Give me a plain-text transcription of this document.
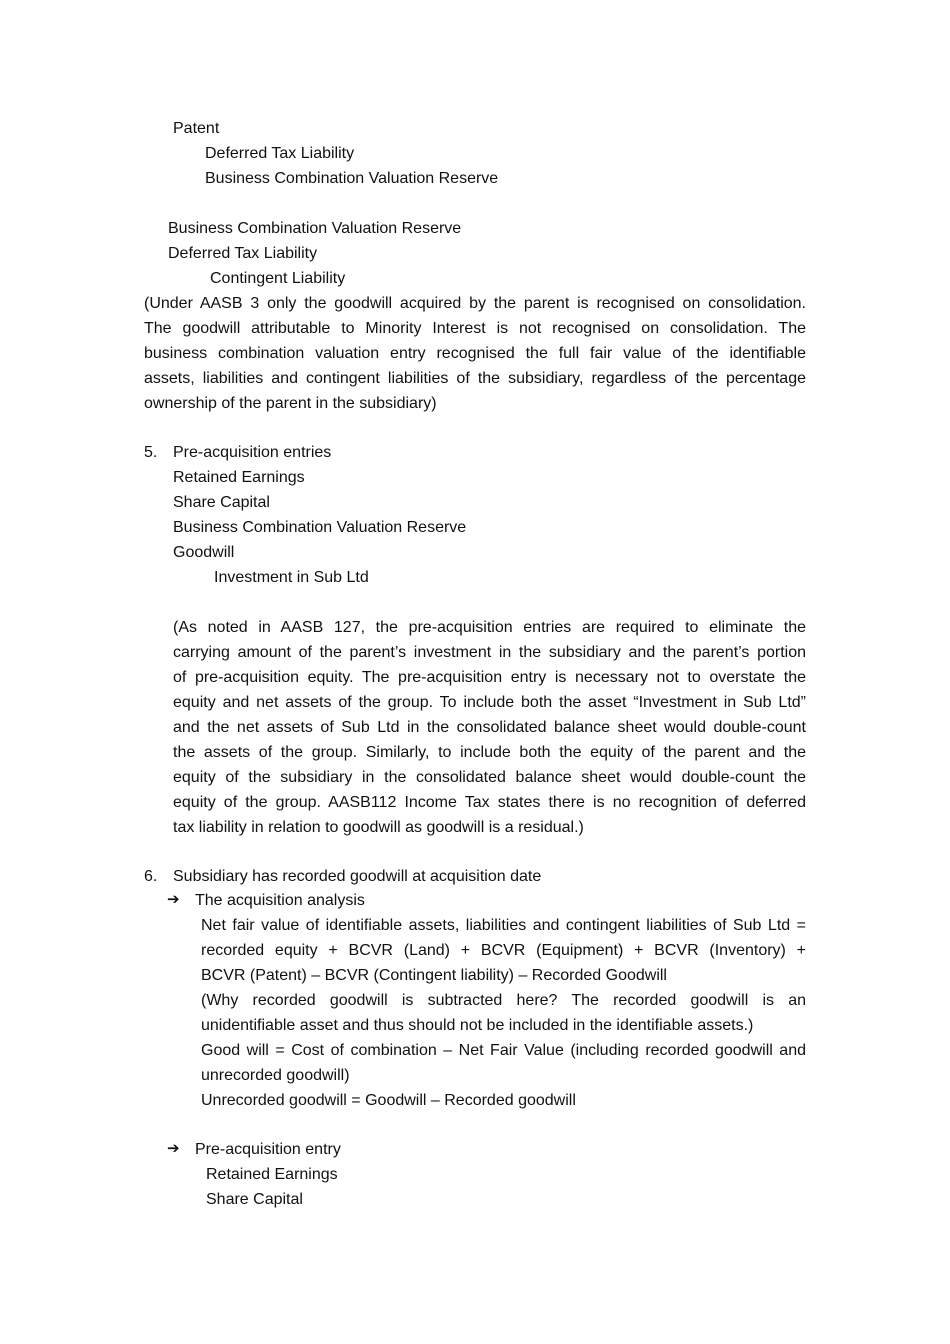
Patent
Deferred Tax Liability
Business Combination Valuation Reserve
Business Combination Valuation Reserve
Deferred Tax Liability
Contingent Liability
(Under AASB 3 only the goodwill acquired by the parent is recognised on consolidation.
The goodwill attributable to Minority Interest is not recognised on consolidation. The
business combination valuation entry recognised the full fair value of the identifiable
assets, liabilities and contingent liabilities of the subsidiary, regardless of the percentage
ownership of the parent in the subsidiary)
5. Pre-acquisition entries
Retained Earnings
Share Capital
Business Combination Valuation Reserve
Goodwill
Investment in Sub Ltd
(As noted in AASB 127, the pre-acquisition entries are required to eliminate the
carrying amount of the parent’s investment in the subsidiary and the parent’s portion
of pre-acquisition equity. The pre-acquisition entry is necessary not to overstate the
equity and net assets of the group. To include both the asset “Investment in Sub Ltd”
and the net assets of Sub Ltd in the consolidated balance sheet would double-count
the assets of the group. Similarly, to include both the equity of the parent and the
equity of the subsidiary in the consolidated balance sheet would double-count the
equity of the group. AASB112 Income Tax states there is no recognition of deferred
tax liability in relation to goodwill as goodwill is a residual.)
6. Subsidiary has recorded goodwill at acquisition date
➔ The acquisition analysis
Net fair value of identifiable assets, liabilities and contingent liabilities of Sub Ltd =
recorded equity + BCVR (Land) + BCVR (Equipment) + BCVR (Inventory) +
BCVR (Patent) – BCVR (Contingent liability) – Recorded Goodwill
(Why recorded goodwill is subtracted here? The recorded goodwill is an
unidentifiable asset and thus should not be included in the identifiable assets.)
Good will = Cost of combination – Net Fair Value (including recorded goodwill and
unrecorded goodwill)
Unrecorded goodwill = Goodwill – Recorded goodwill
➔ Pre-acquisition entry
Retained Earnings
Share Capital
